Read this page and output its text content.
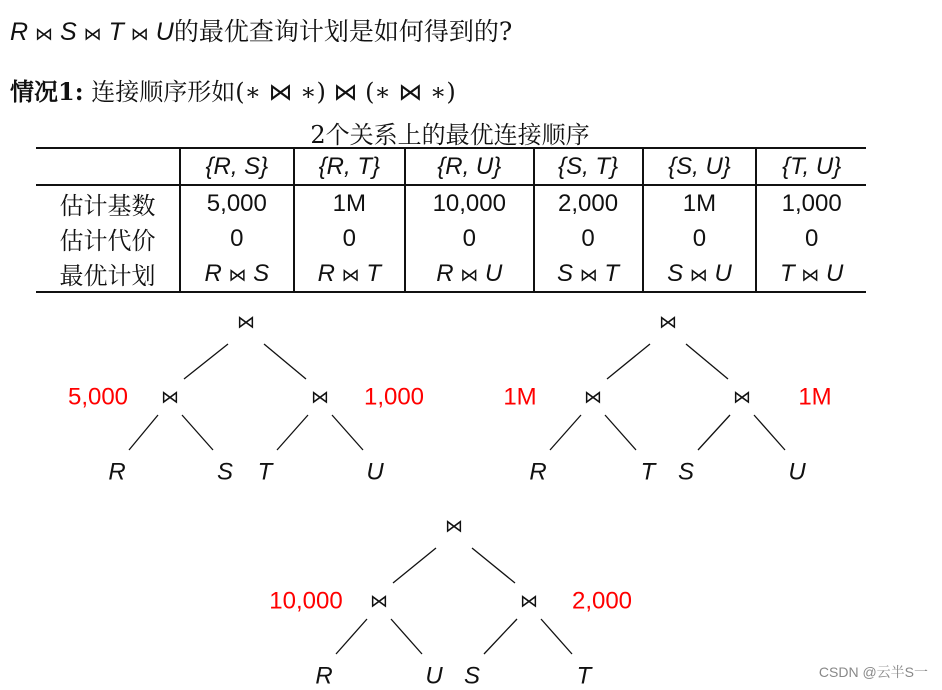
R ⋈ S ⋈ T ⋈ U的最优查询计划是如何得到的?
情况1: 连接顺序形如(∗ ⋈ ∗) ⋈ (∗ ⋈ ∗)
2个关系上的最优连接顺序
	{R, S}	{R, T}	{R, U}	{S, T}	{S, U}	{T, U}
估计基数	5,000	1M	10,000	2,000	1M	1,000
估计代价	0	0	0	0	0	0
最优计划	R ⋈ S	R ⋈ T	R ⋈ U	S ⋈ T	S ⋈ U	T ⋈ U
⋈
⋈	⋈
R	S T	U
5,000	1,000
⋈
⋈	⋈
R	T S	U
1M	1M
⋈
⋈	⋈
R	U S	T
10,000	2,000
CSDN @云半S一
